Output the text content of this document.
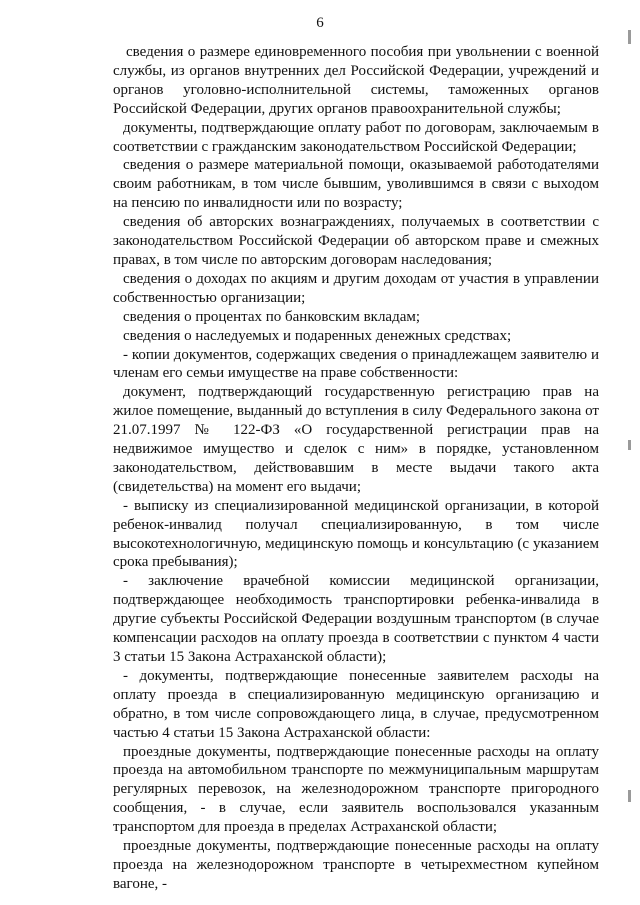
6

сведения о размере единовременного пособия при увольнении с военной службы, из органов внутренних дел Российской Федерации, учреждений и органов уголовно-исполнительной системы, таможенных органов Российской Федерации, других органов правоохранительной службы;

документы, подтверждающие оплату работ по договорам, заключаемым в соответствии с гражданским законодательством Российской Федерации;

сведения о размере материальной помощи, оказываемой работодателями своим работникам, в том числе бывшим, уволившимся в связи с выходом на пенсию по инвалидности или по возрасту;

сведения об авторских вознаграждениях, получаемых в соответствии с законодательством Российской Федерации об авторском праве и смежных правах, в том числе по авторским договорам наследования;

сведения о доходах по акциям и другим доходам от участия в управлении собственностью организации;

сведения о процентах по банковским вкладам;

сведения о наследуемых и подаренных денежных средствах;

- копии документов, содержащих сведения о принадлежащем заявителю и членам его семьи имуществе на праве собственности:

документ, подтверждающий государственную регистрацию прав на жилое помещение, выданный до вступления в силу Федерального закона от 21.07.1997 № 122-ФЗ «О государственной регистрации прав на недвижимое имущество и сделок с ним» в порядке, установленном законодательством, действовавшим в месте выдачи такого акта (свидетельства) на момент его выдачи;

- выписку из специализированной медицинской организации, в которой ребенок-инвалид получал специализированную, в том числе высокотехнологичную, медицинскую помощь и консультацию (с указанием срока пребывания);

- заключение врачебной комиссии медицинской организации, подтверждающее необходимость транспортировки ребенка-инвалида в другие субъекты Российской Федерации воздушным транспортом (в случае компенсации расходов на оплату проезда в соответствии с пунктом 4 части 3 статьи 15 Закона Астраханской области);

- документы, подтверждающие понесенные заявителем расходы на оплату проезда в специализированную медицинскую организацию и обратно, в том числе сопровождающего лица, в случае, предусмотренном частью 4 статьи 15 Закона Астраханской области:

проездные документы, подтверждающие понесенные расходы на оплату проезда на автомобильном транспорте по межмуниципальным маршрутам регулярных перевозок, на железнодорожном транспорте пригородного сообщения, - в случае, если заявитель воспользовался указанным транспортом для проезда в пределах Астраханской области;

проездные документы, подтверждающие понесенные расходы на оплату проезда на железнодорожном транспорте в четырехместном купейном вагоне, -
